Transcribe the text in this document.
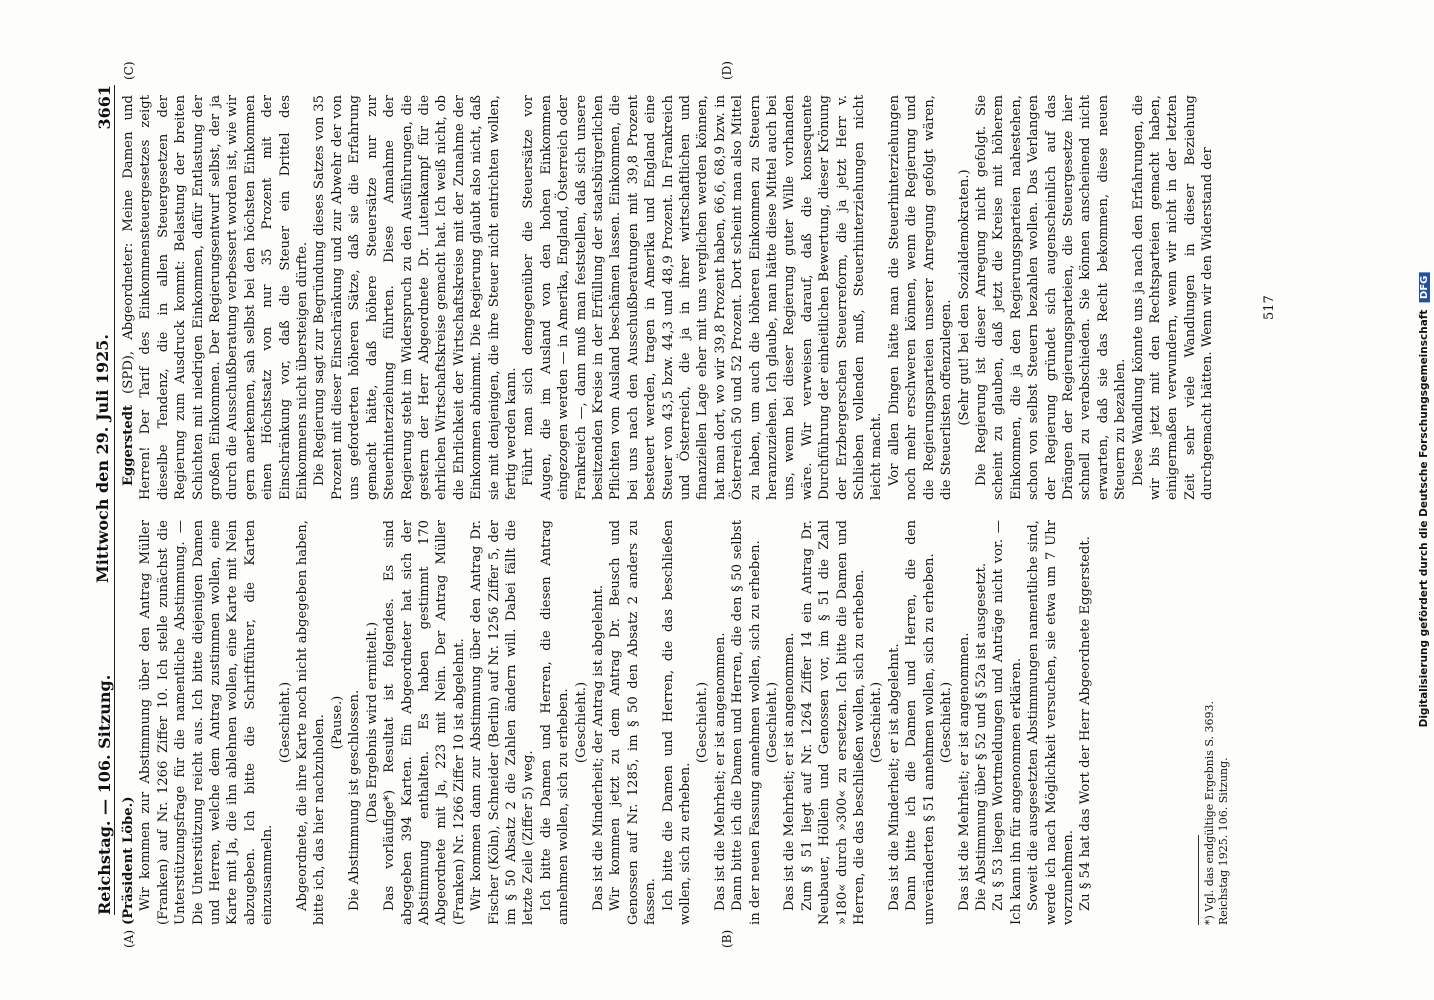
Reichstag. — 106. Sitzung.
Mittwoch den 29. Juli 1925.
3661
(A)	(B)
(C)	(D)

(Präsident Löbe.) Wir kommen zur Abstimmung über den Antrag Müller (Franken) auf Nr. 1266 Ziffer 10. Ich stelle zunächst die Unterstützungsfrage für die namentliche Abstimmung. — Die Unterstützung reicht aus. Ich bitte diejenigen Damen und Herren, welche dem Antrag zustimmen wollen, eine Karte mit Ja, die ihn ablehnen wollen, eine Karte mit Nein abzugeben. Ich bitte die Schriftführer, die Karten einzusammeln.

(Geschieht.) Abgeordnete, die ihre Karte noch nicht abgegeben haben, bitte ich, das hier nachzuholen. (Pause.) Die Abstimmung ist geschlossen. (Das Ergebnis wird ermittelt.) Das vorläufige*) Resultat ist folgendes. Es sind abgegeben 394 Karten. Ein Abgeordneter hat sich der Abstimmung enthalten. Es haben gestimmt 170 Abgeordnete mit Ja, 223 mit Nein. Der Antrag Müller (Franken) Nr. 1266 Ziffer 10 ist abgelehnt. Wir kommen dann zur Abstimmung über den Antrag Dr. Fischer (Köln), Schneider (Berlin) auf Nr. 1256 Ziffer 5, der im § 50 Absatz 2 die Zahlen ändern will. Dabei fällt die letzte Zeile (Ziffer 5) weg. Ich bitte die Damen und Herren, die diesen Antrag annehmen wollen, sich zu erheben. (Geschieht.) Das ist die Minderheit; der Antrag ist abgelehnt. Wir kommen jetzt zu dem Antrag Dr. Beusch und Genossen auf Nr. 1285, im § 50 den Absatz 2 anders zu fassen. Ich bitte die Damen und Herren, die das beschließen wollen, sich zu erheben.

(Geschieht.) Das ist die Mehrheit; er ist angenommen. Dann bitte ich die Damen und Herren, die den § 50 selbst in der neuen Fassung annehmen wollen, sich zu erheben. (Geschieht.) Das ist die Mehrheit; er ist angenommen. Zum § 51 liegt auf Nr. 1264 Ziffer 14 ein Antrag Dr. Neubauer, Höllein und Genossen vor, im § 51 die Zahl »180« durch »300« zu ersetzen. Ich bitte die Damen und Herren, die das beschließen wollen, sich zu erheben. (Geschieht.) Das ist die Minderheit; er ist abgelehnt. Dann bitte ich die Damen und Herren, die den unveränderten § 51 annehmen wollen, sich zu erheben. (Geschieht.) Das ist die Mehrheit; er ist angenommen. Die Abstimmung über § 52 und § 52a ist ausgesetzt. Zu § 53 liegen Wortmeldungen und Anträge nicht vor. — Ich kann ihn für angenommen erklären. Soweit die ausgesetzten Abstimmungen namentliche sind, werde ich nach Möglichkeit versuchen, sie etwa um 7 Uhr vorzunehmen. Zu § 54 hat das Wort der Herr Abgeordnete Eggerstedt.

Eggerstedt (SPD), Abgeordneter: Meine Damen und Herren! Der Tarif des Einkommensteuergesetzes zeigt dieselbe Tendenz, die in allen Steuergesetzen der Regierung zum Ausdruck kommt: Belastung der breiten Schichten mit niedrigen Einkommen, dafür Entlastung der großen Einkommen. Der Regierungsentwurf selbst, der ja durch die Ausschußberatung verbessert worden ist, wie wir gern anerkennen, sah selbst bei den höchsten Einkommen einen Höchstsatz von nur 35 Prozent mit der Einschränkung vor, daß die Steuer ein Drittel des Einkommens nicht übersteigen dürfte. Die Regierung sagt zur Begründung dieses Satzes von 35 Prozent mit dieser Einschränkung und zur Abwehr der von uns geforderten höheren Sätze, daß sie die Erfahrung gemacht hätte, daß höhere Steuersätze nur zur Steuerhinterziehung führten. Diese Annahme der Regierung steht im Widerspruch zu den Ausführungen, die gestern der Herr Abgeordnete Dr. Lutenkampf für die ehrlichen Wirtschaftskreise gemacht hat. Ich weiß nicht, ob die Ehrlichkeit der Wirtschaftskreise mit der Zunahme der Einkommen abnimmt. Die Regierung glaubt also nicht, daß sie mit denjenigen, die ihre Steuer nicht entrichten wollen, fertig werden kann. Führt man sich demgegenüber die Steuersätze vor Augen, die im Ausland von den hohen Einkommen eingezogen werden — in Amerika, England, Österreich oder Frankreich —, dann muß man feststellen, daß sich unsere besitzenden Kreise in der Erfüllung der staatsbürgerlichen Pflichten vom Ausland beschämen lassen. Einkommen, die bei uns nach den Ausschußberatungen mit 39,8 Prozent besteuert werden, tragen in Amerika und England eine Steuer von 43,5 bzw. 44,3 und 48,9 Prozent. In Frankreich und Österreich, die ja in ihrer wirtschaftlichen und finanziellen Lage eher mit uns verglichen werden können, hat man dort, wo wir 39,8 Prozent haben, 66,6, 68,9 bzw. in Österreich 50 und 52 Prozent. Dort scheint man also Mittel zu haben, um auch die höheren Einkommen zu Steuern heranzuziehen. Ich glaube, man hätte diese Mittel auch bei uns, wenn bei dieser Regierung guter Wille vorhanden wäre. Wir verweisen darauf, daß die konsequente Durchführung der einheitlichen Bewertung, dieser Krönung der Erzbergerschen Steuerreform, die ja jetzt Herr v. Schlieben vollenden muß, Steuerhinterziehungen nicht leicht macht. Vor allen Dingen hätte man die Steuerhinterziehungen noch mehr erschweren können, wenn die Regierung und die Regierungsparteien unserer Anregung gefolgt wären, die Steuerlisten offenzulegen. (Sehr gut! bei den Sozialdemokraten.) Die Regierung ist dieser Anregung nicht gefolgt. Sie scheint zu glauben, daß jetzt die Kreise mit höherem Einkommen, die ja den Regierungsparteien nahestehen, schon von selbst Steuern bezahlen wollen. Das Verlangen der Regierung gründet sich augenscheinlich auf das Drängen der Regierungsparteien, die Steuergesetze hier schnell zu verabschieden. Sie können anscheinend nicht erwarten, daß sie das Recht bekommen, diese neuen Steuern zu bezahlen. Diese Wandlung könnte uns ja nach den Erfahrungen, die wir bis jetzt mit den Rechtsparteien gemacht haben, einigermaßen verwundern, wenn wir nicht in der letzten Zeit sehr viele Wandlungen in dieser Beziehung durchgemacht hätten. Wenn wir den Widerstand der

*) Vgl. das endgültige Ergebnis S. 3693. Reichstag 1925. 106. Sitzung.
517
Digitalisierung gefördert durch die Deutsche Forschungsgemeinschaft DFG
